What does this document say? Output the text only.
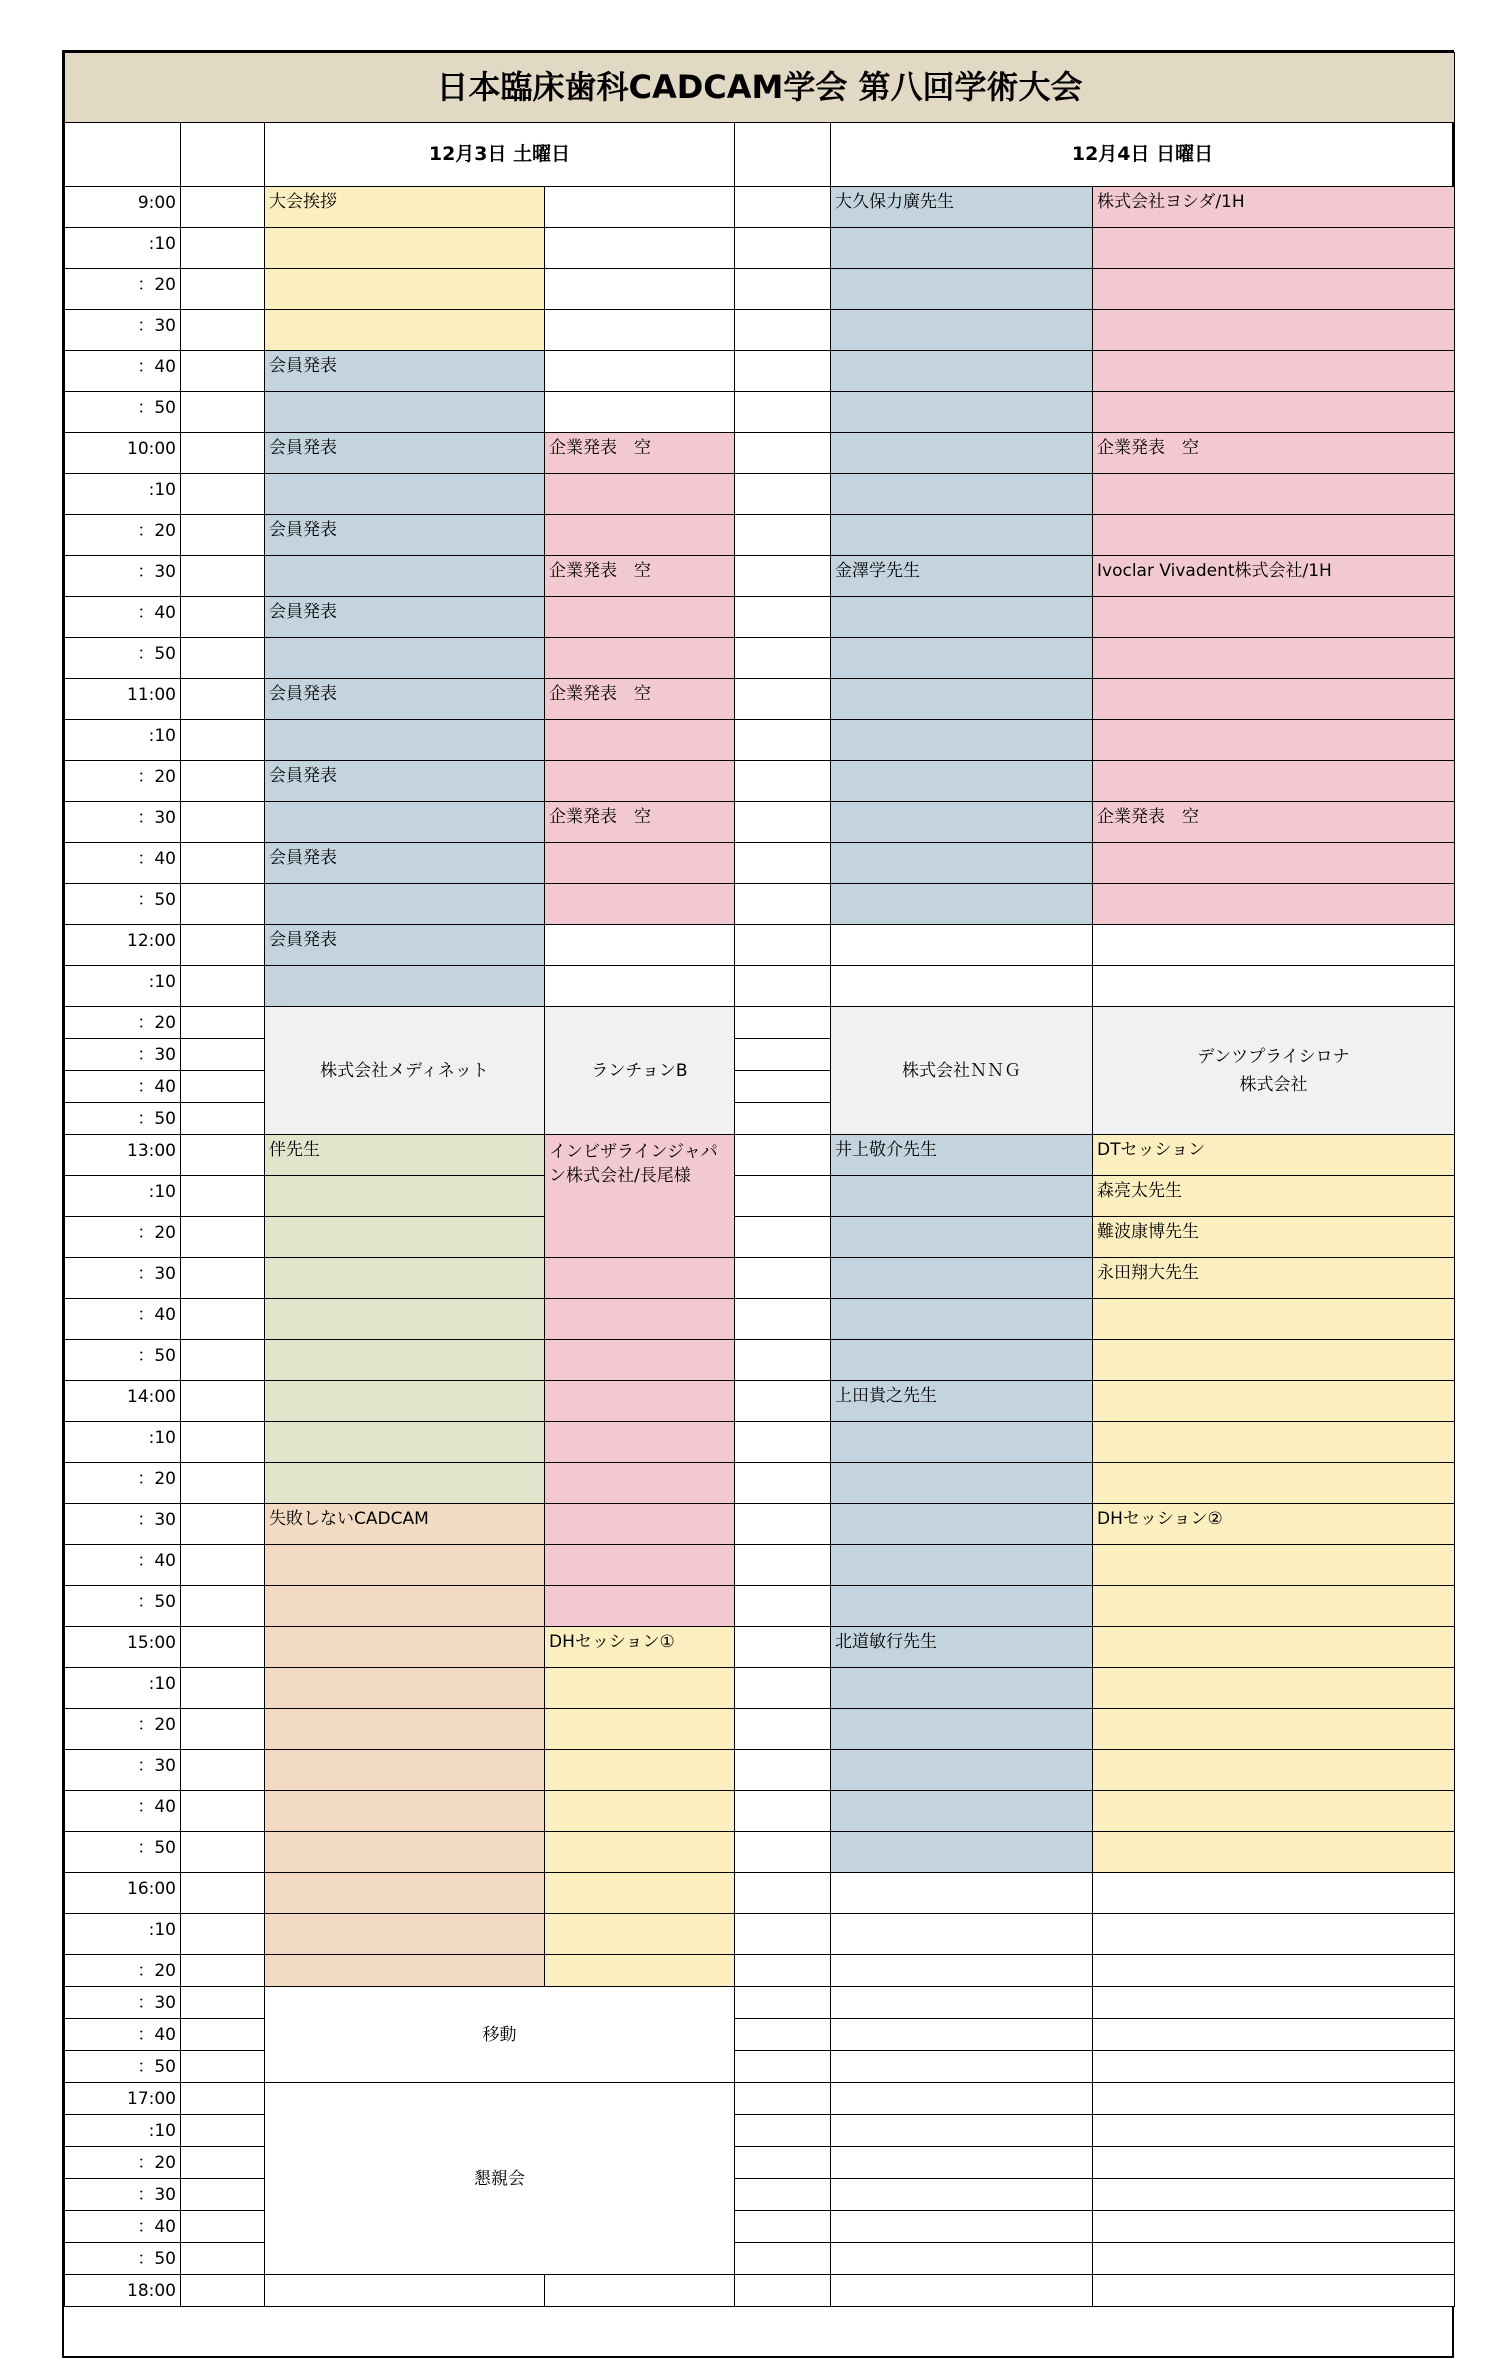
日本臨床歯科CADCAM学会 第八回学術大会
12月3日 土曜日	12月4日 日曜日
9:00
:10
：20
：30
：40
：50
10:00
:10
：20
：30
：40
：50
11:00
:10
：20
：30
：40
：50
12:00
:10
：20
：30
：40
：50
13:00
:10
：20
：30
：40
：50
14:00
:10
：20
：30
：40
：50
15:00
:10
：20
：30
：40
：50
16:00
:10
：20
：30
：40
：50
17:00
:10
：20
：30
：40
：50
18:00
大会挨拶
会員発表
会員発表
会員発表
会員発表
会員発表
会員発表
会員発表
会員発表
株式会社メディネット
伴先生
失敗しないCADCAM
移動
懇親会
企業発表　空
企業発表　空
企業発表　空
企業発表　空
ランチョンB
インビザラインジャパン株式会社/長尾様
DHセッション①
大久保力廣先生
金澤学先生
株式会社ＮＮＧ
井上敬介先生
上田貴之先生
北道敏行先生
株式会社ヨシダ/1H
企業発表　空
Ivoclar Vivadent株式会社/1H
企業発表　空
デンツプライシロナ
株式会社
DTセッション
森亮太先生
難波康博先生
永田翔大先生
DHセッション②
